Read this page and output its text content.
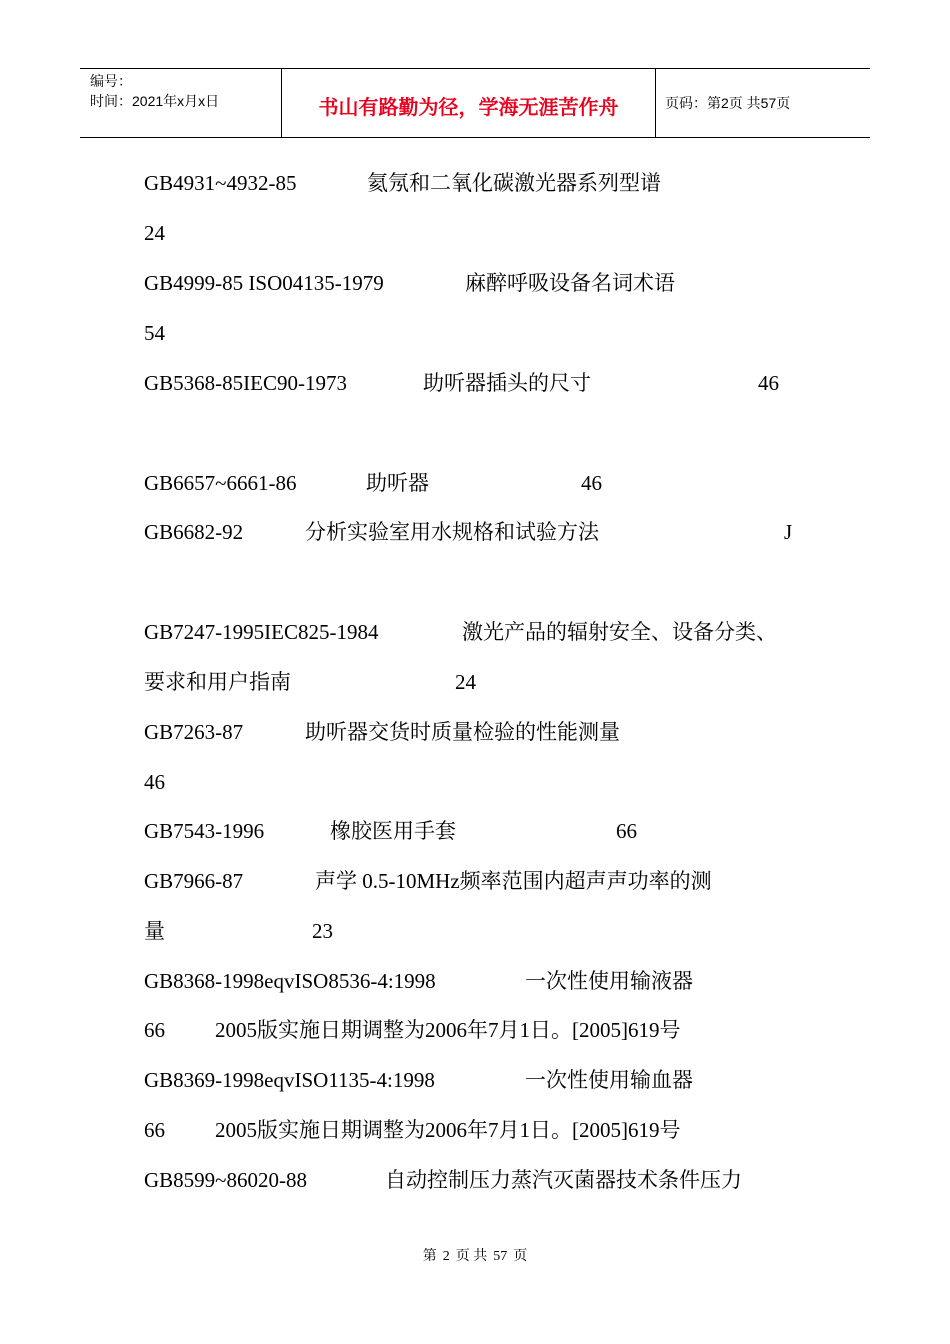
编号：
时间：2021年x月x日	书山有路勤为径，学海无涯苦作舟	页码：第2页 共57页
GB4931~4932-85	氦氖和二氧化碳激光器系列型谱
24
GB4999-85 ISO04135-1979	麻醉呼吸设备名词术语
54
GB5368-85IEC90-1973	助听器插头的尺寸	46
GB6657~6661-86	助听器	46
GB6682-92	分析实验室用水规格和试验方法	J
GB7247-1995IEC825-1984	激光产品的辐射安全、设备分类、
要求和用户指南	24
GB7263-87	助听器交货时质量检验的性能测量
46
GB7543-1996	橡胶医用手套	66
GB7966-87	声学 0.5-10MHz频率范围内超声声功率的测
量	23
GB8368-1998eqvISO8536-4:1998	一次性使用输液器
66 2005版实施日期调整为2006年7月1日。[2005]619号
GB8369-1998eqvISO1135-4:1998	一次性使用输血器
66 2005版实施日期调整为2006年7月1日。[2005]619号
GB8599~86020-88	自动控制压力蒸汽灭菌器技术条件压力
第 2 页 共 57 页
